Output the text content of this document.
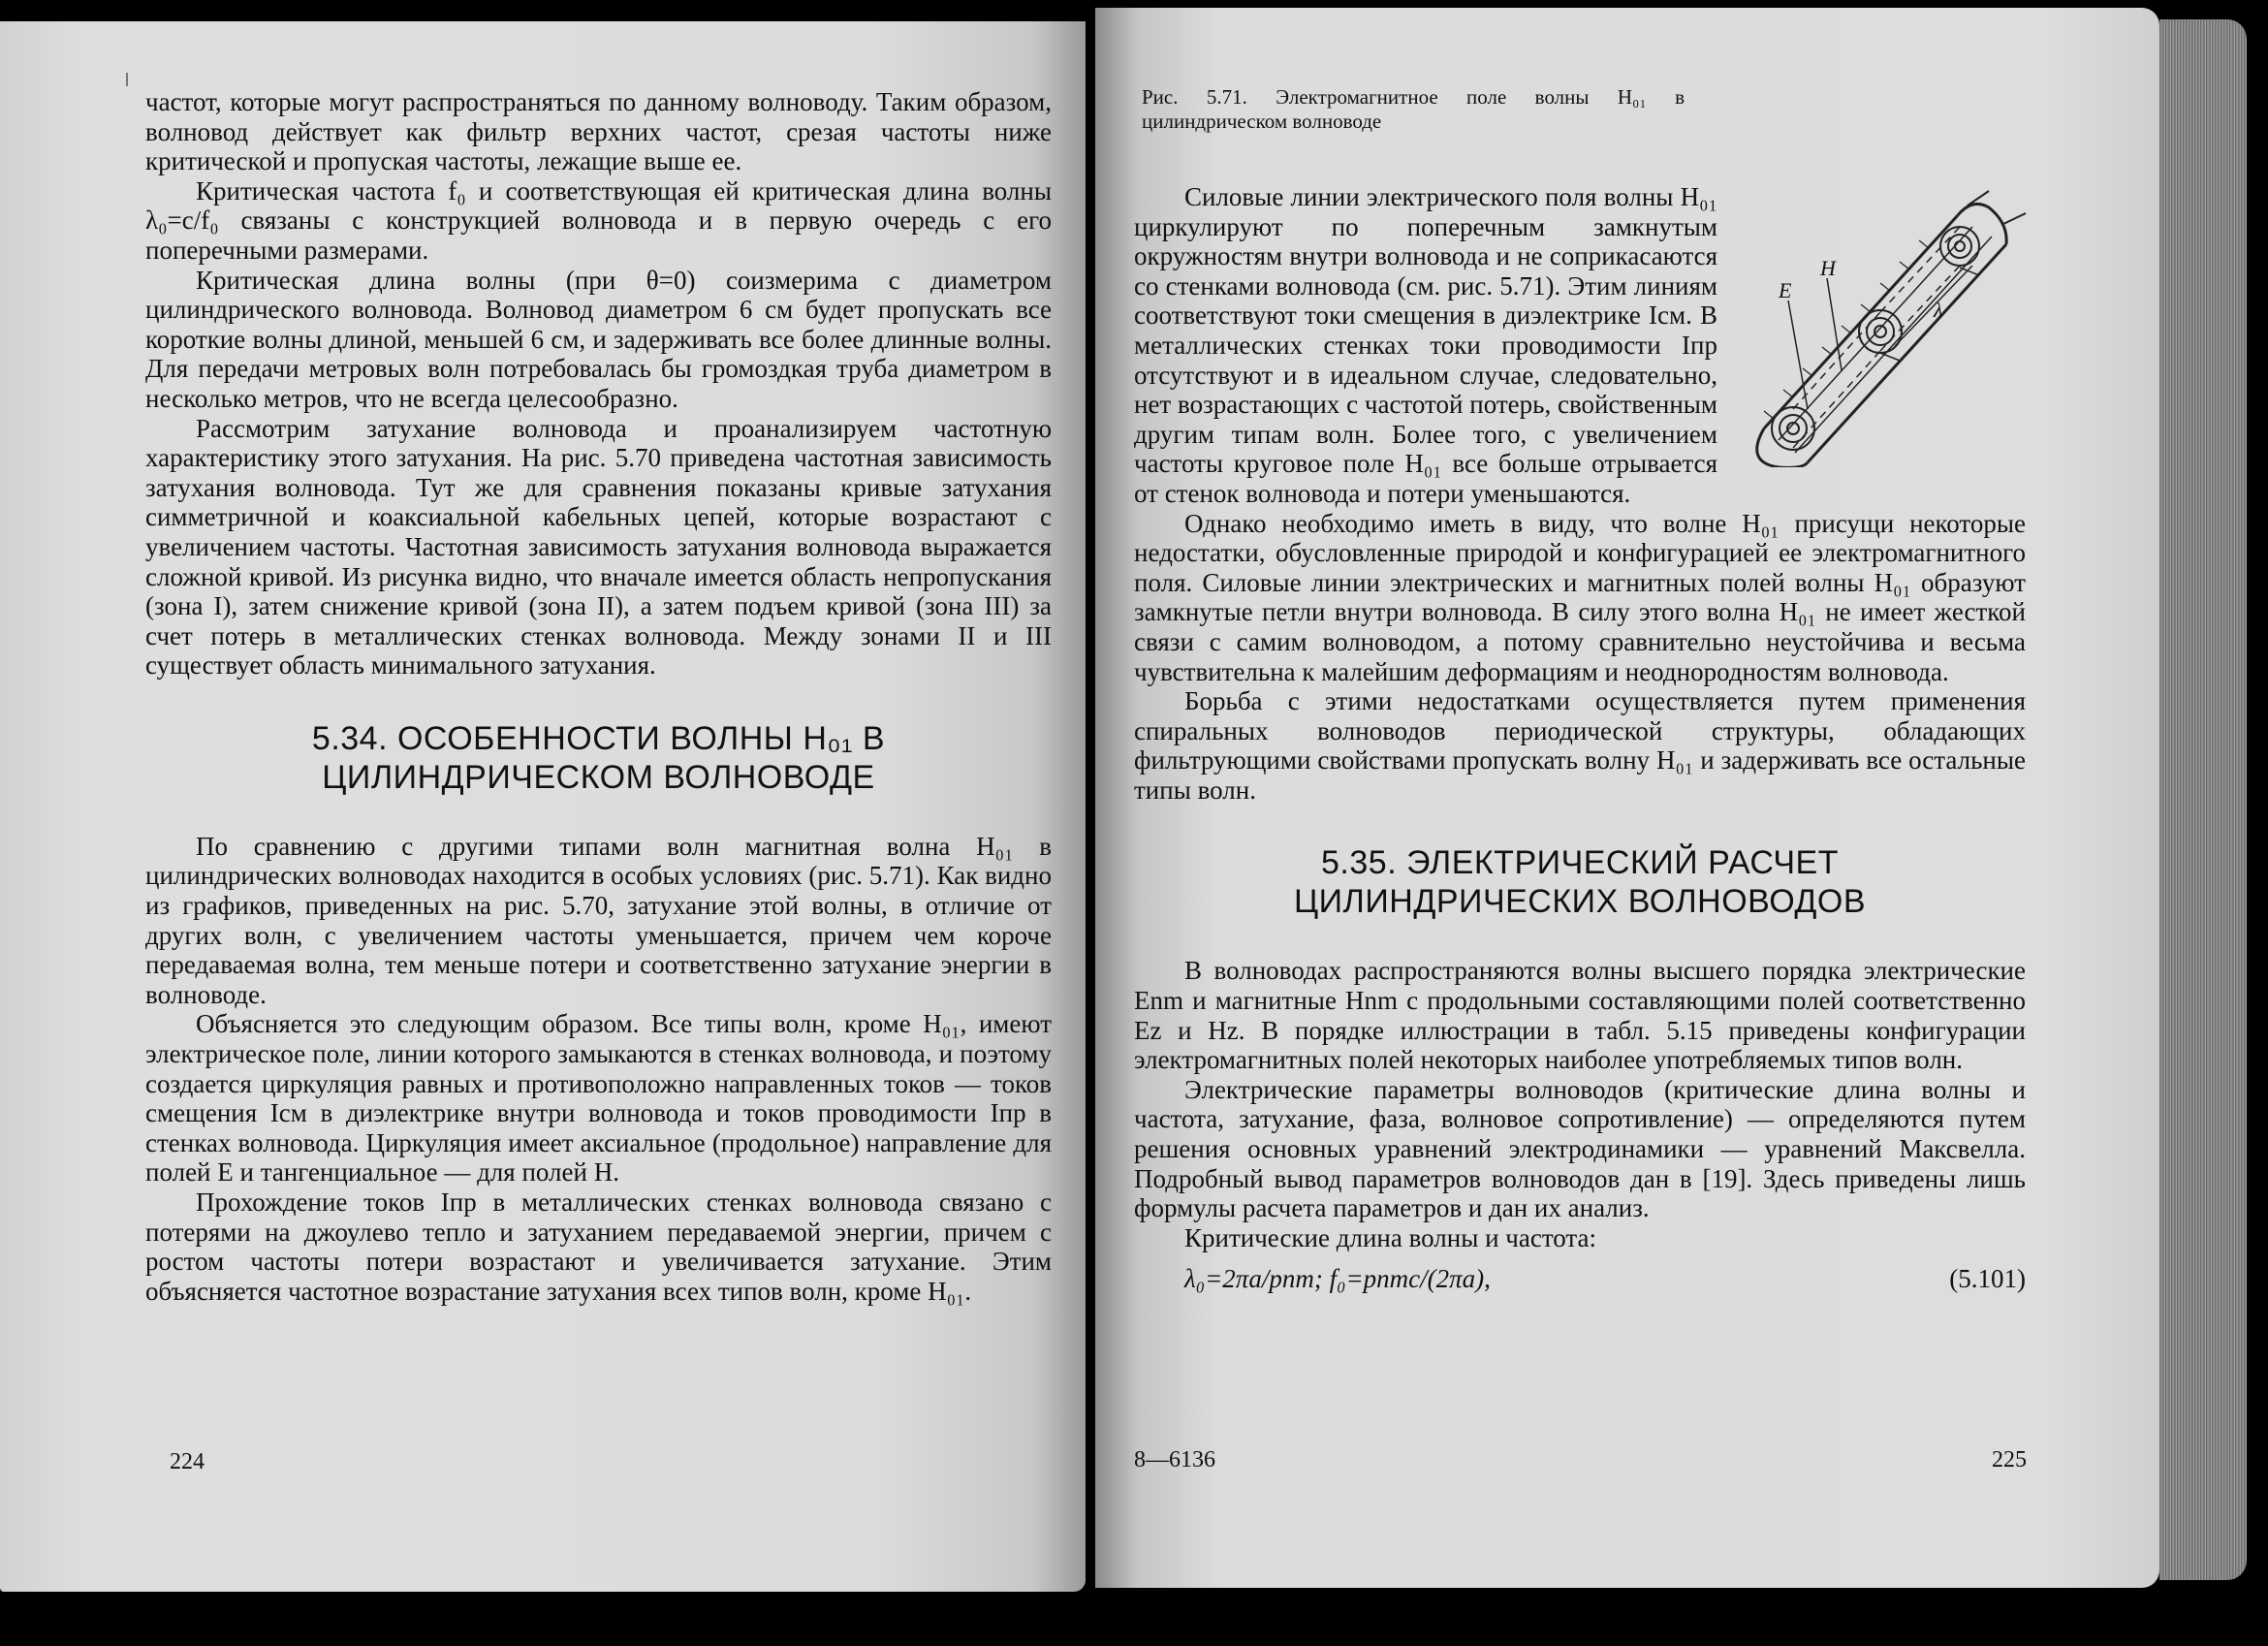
частот, которые могут распространяться по данному волноводу. Таким образом, волновод действует как фильтр верхних частот, срезая частоты ниже критической и пропуская частоты, лежащие выше ее.

Критическая частота f₀ и соответствующая ей критическая длина волны λ₀=c/f₀ связаны с конструкцией волновода и в первую очередь с его поперечными размерами.

Критическая длина волны (при θ=0) соизмерима с диаметром цилиндрического волновода. Волновод диаметром 6 см будет пропускать все короткие волны длиной, меньшей 6 см, и задерживать все более длинные волны. Для передачи метровых волн потребовалась бы громоздкая труба диаметром в несколько метров, что не всегда целесообразно.

Рассмотрим затухание волновода и проанализируем частотную характеристику этого затухания. На рис. 5.70 приведена частотная зависимость затухания волновода. Тут же для сравнения показаны кривые затухания симметричной и коаксиальной кабельных цепей, которые возрастают с увеличением частоты. Частотная зависимость затухания волновода выражается сложной кривой. Из рисунка видно, что вначале имеется область непропускания (зона I), затем снижение кривой (зона II), а затем подъем кривой (зона III) за счет потерь в металлических стенках волновода. Между зонами II и III существует область минимального затухания.

5.34. ОСОБЕННОСТИ ВОЛНЫ H₀₁ В
ЦИЛИНДРИЧЕСКОМ ВОЛНОВОДЕ

По сравнению с другими типами волн магнитная волна H₀₁ в цилиндрических волноводах находится в особых условиях (рис. 5.71). Как видно из графиков, приведенных на рис. 5.70, затухание этой волны, в отличие от других волн, с увеличением частоты уменьшается, причем чем короче передаваемая волна, тем меньше потери и соответственно затухание энергии в волноводе.

Объясняется это следующим образом. Все типы волн, кроме H₀₁, имеют электрическое поле, линии которого замыкаются в стенках волновода, и поэтому создается циркуляция равных и противоположно направленных токов — токов смещения Iсм в диэлектрике внутри волновода и токов проводимости Iпр в стенках волновода. Циркуляция имеет аксиальное (продольное) направление для полей E и тангенциальное — для полей H.

Прохождение токов Iпр в металлических стенках волновода связано с потерями на джоулево тепло и затуханием передаваемой энергии, причем с ростом частоты потери возрастают и увеличивается затухание. Этим объясняется частотное возрастание затухания всех типов волн, кроме H₀₁.

224
Рис. 5.71. Электромагнитное поле волны H₀₁ в цилиндрическом волноводе
E
H
λ

Силовые линии электрического поля волны H₀₁ циркулируют по поперечным замкнутым окружностям внутри волновода и не соприкасаются со стенками волновода (см. рис. 5.71). Этим линиям соответствуют токи смещения в диэлектрике Iсм. В металлических стенках токи проводимости Iпр отсутствуют и в идеальном случае, следовательно, нет возрастающих с частотой потерь, свойственным другим типам волн. Более того, с увеличением частоты круговое поле H₀₁ все больше отрывается от стенок волновода и потери уменьшаются.

Однако необходимо иметь в виду, что волне H₀₁ присущи некоторые недостатки, обусловленные природой и конфигурацией ее электромагнитного поля. Силовые линии электрических и магнитных полей волны H₀₁ образуют замкнутые петли внутри волновода. В силу этого волна H₀₁ не имеет жесткой связи с самим волноводом, а потому сравнительно неустойчива и весьма чувствительна к малейшим деформациям и неоднородностям волновода.

Борьба с этими недостатками осуществляется путем применения спиральных волноводов периодической структуры, обладающих фильтрующими свойствами пропускать волну H₀₁ и задерживать все остальные типы волн.

5.35. ЭЛЕКТРИЧЕСКИЙ РАСЧЕТ
ЦИЛИНДРИЧЕСКИХ ВОЛНОВОДОВ

В волноводах распространяются волны высшего порядка электрические Enm и магнитные Hnm с продольными составляющими полей соответственно Ez и Hz. В порядке иллюстрации в табл. 5.15 приведены конфигурации электромагнитных полей некоторых наиболее употребляемых типов волн.

Электрические параметры волноводов (критические длина волны и частота, затухание, фаза, волновое сопротивление) — определяются путем решения основных уравнений электродинамики — уравнений Максвелла. Подробный вывод параметров волноводов дан в [19]. Здесь приведены лишь формулы расчета параметров и дан их анализ.

Критические длина волны и частота:

λ₀=2πa/pnm; f₀=pnmc/(2πa),	(5.101)
8—6136	225
